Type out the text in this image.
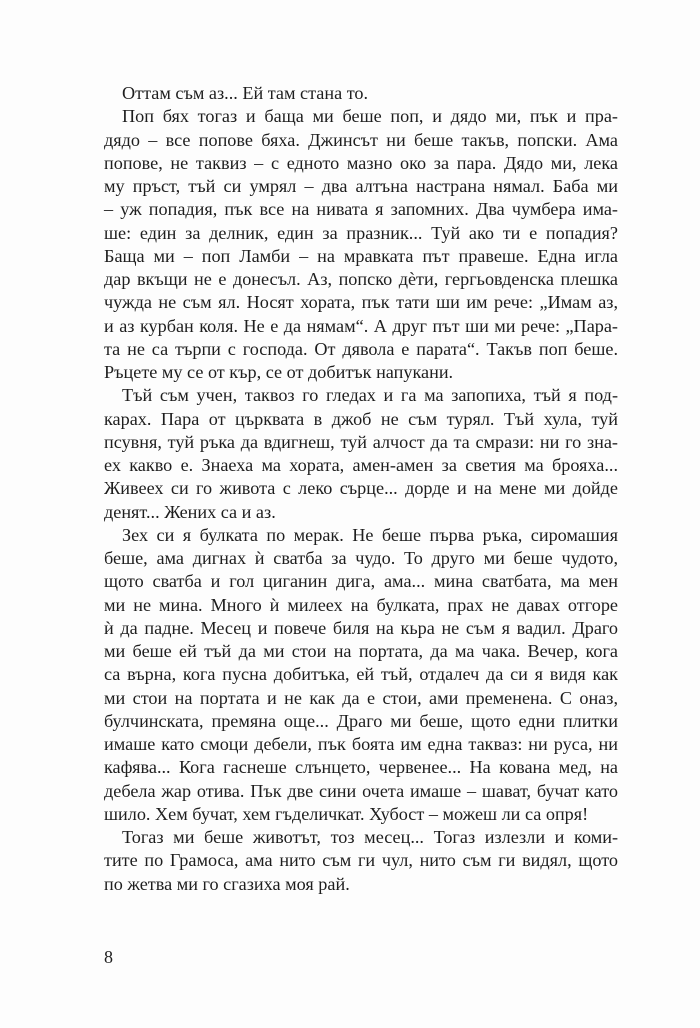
Оттам съм аз... Ей там стана то.
Поп бях тогаз и баща ми беше поп, и дядо ми, пък и пра-
дядо – все попове бяха. Джинсът ни беше такъв, попски. Ама
попове, не таквиз – с едното мазно око за пара. Дядо ми, лека
му пръст, тъй си умрял – два алтъна настрана нямал. Баба ми
– уж попадия, пък все на нивата я запомних. Два чумбера има-
ше: един за делник, един за празник... Туй ако ти е попадия?
Баща ми – поп Ламби – на мравката път правеше. Една игла
дар вкъщи не е донесъл. Аз, попско дѐти, гергьовденска плешка
чужда не съм ял. Носят хората, пък тати ши им рече: „Имам аз,
и аз курбан коля. Не е да нямам“. А друг път ши ми рече: „Пара-
та не са търпи с господа. От дявола е парата“. Такъв поп беше.
Ръцете му се от кър, се от добитък напукани.
Тъй съм учен, таквоз го гледах и га ма запопиха, тъй я под-
карах. Пара от църквата в джоб не съм турял. Тъй хула, туй
псувня, туй ръка да вдигнеш, туй алчост да та смрази: ни го зна-
ех какво е. Знаеха ма хората, амен-амен за светия ма брояха...
Живеех си го живота с леко сърце... дорде и на мене ми дойде
денят... Жених са и аз.
Зех си я булката по мерак. Не беше първа ръка, сиромашия
беше, ама дигнах ѝ сватба за чудо. То друго ми беше чудото,
щото сватба и гол циганин дига, ама... мина сватбата, ма мен
ми не мина. Много ѝ милеех на булката, прах не давах отгоре
ѝ да падне. Месец и повече биля на кьра не съм я вадил. Драго
ми беше ей тъй да ми стои на портата, да ма чака. Вечер, кога
са върна, кога пусна добитъка, ей тъй, отдалеч да си я видя как
ми стои на портата и не как да е стои, ами пременена. С оназ,
булчинската, премяна още... Драго ми беше, щото едни плитки
имаше като смоци дебели, пък боята им една таквaз: ни руса, ни
кафява... Кога гаснеше слънцето, червенее... На кована мед, на
дебела жар отива. Пък две сини очета имаше – шават, бучат като
шило. Хем бучат, хем гъделичкат. Хубост – можеш ли са опря!
Тогаз ми беше животът, тоз месец... Тогаз излезли и коми-
тите по Грамоса, ама нито съм ги чул, нито съм ги видял, щото
по жетва ми го сгазиха моя рай.
8
